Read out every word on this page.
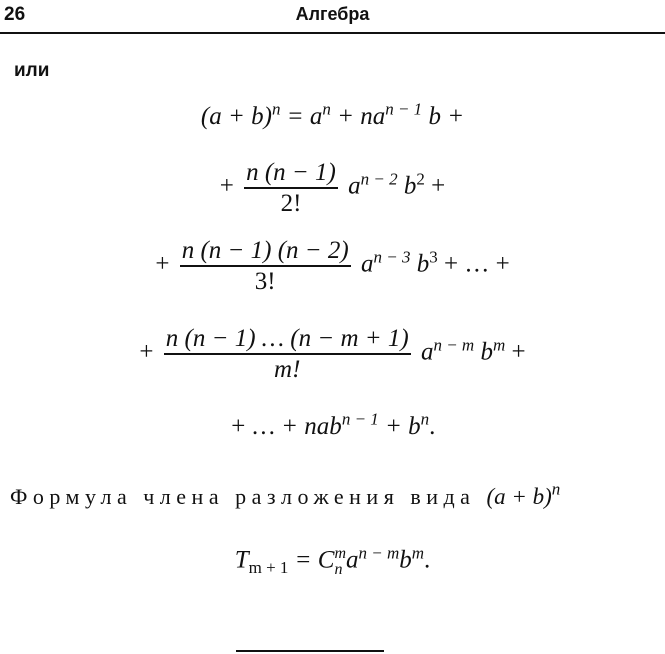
26	Алгебра
или
$(a + b)^n = a^n + na^{n - 1}$ b +
+ $\frac{n (n - 1)}{2!} a^{n - 2}$ $b^2$ +
+ $\frac{n (n - 1) (n - 2)}{3!} a^{n - 3}$ $b^3$ + … +
+ $\frac{n (n - 1) \dots (n - m + 1)}{m!} a^{n - m}$ $b^m$ +
+ … + $nab^{n - 1} + b^n$.
Формула члена разложения вида $(a + b)^n$
$T_{m + 1} = C$ m
n $a^{n - m}b^m$.
